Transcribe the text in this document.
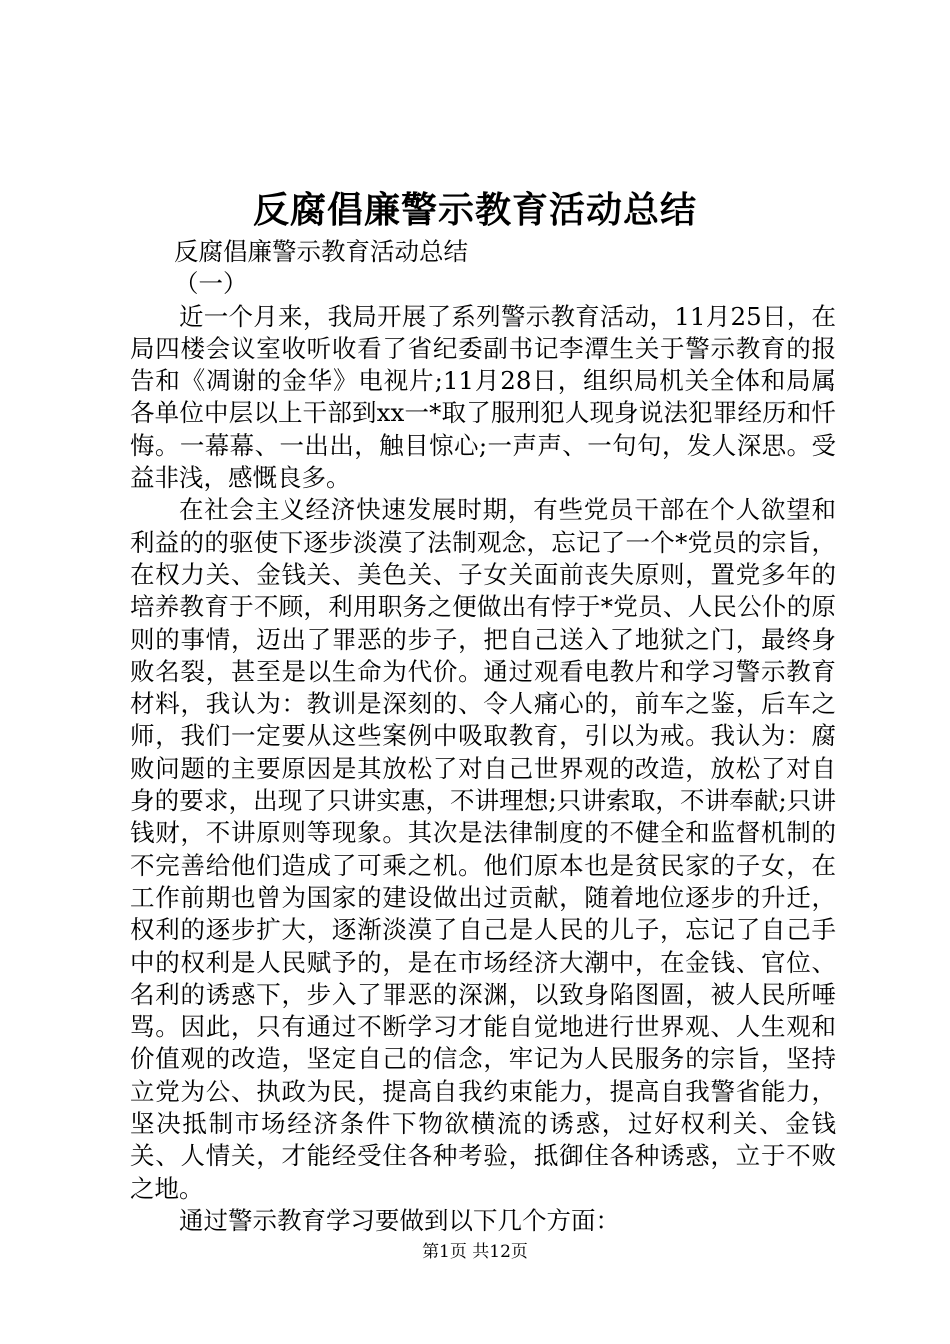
反腐倡廉警示教育活动总结

反腐倡廉警示教育活动总结

（一）

近一个月来，我局开展了系列警示教育活动，11月25日，在局四楼会议室收听收看了省纪委副书记李潭生关于警示教育的报告和《凋谢的金华》电视片;11月28日，组织局机关全体和局属各单位中层以上干部到xx一*取了服刑犯人现身说法犯罪经历和忏悔。一幕幕、一出出，触目惊心;一声声、一句句，发人深思。受益非浅，感慨良多。

在社会主义经济快速发展时期，有些党员干部在个人欲望和利益的的驱使下逐步淡漠了法制观念，忘记了一个*党员的宗旨，在权力关、金钱关、美色关、子女关面前丧失原则，置党多年的培养教育于不顾，利用职务之便做出有悖于*党员、人民公仆的原则的事情，迈出了罪恶的步子，把自己送入了地狱之门，最终身败名裂，甚至是以生命为代价。通过观看电教片和学习警示教育材料，我认为：教训是深刻的、令人痛心的，前车之鉴，后车之师，我们一定要从这些案例中吸取教育，引以为戒。我认为：腐败问题的主要原因是其放松了对自己世界观的改造，放松了对自身的要求，出现了只讲实惠，不讲理想;只讲索取，不讲奉献;只讲钱财，不讲原则等现象。其次是法律制度的不健全和监督机制的不完善给他们造成了可乘之机。他们原本也是贫民家的子女，在工作前期也曾为国家的建设做出过贡献，随着地位逐步的升迁，权利的逐步扩大，逐渐淡漠了自己是人民的儿子，忘记了自己手中的权利是人民赋予的，是在市场经济大潮中，在金钱、官位、名利的诱惑下，步入了罪恶的深渊，以致身陷图圄，被人民所唾骂。因此，只有通过不断学习才能自觉地进行世界观、人生观和价值观的改造，坚定自己的信念，牢记为人民服务的宗旨，坚持立党为公、执政为民，提高自我约束能力，提高自我警省能力，坚决抵制市场经济条件下物欲横流的诱惑，过好权利关、金钱关、人情关，才能经受住各种考验，抵御住各种诱惑，立于不败之地。

通过警示教育学习要做到以下几个方面：

第1页 共12页
